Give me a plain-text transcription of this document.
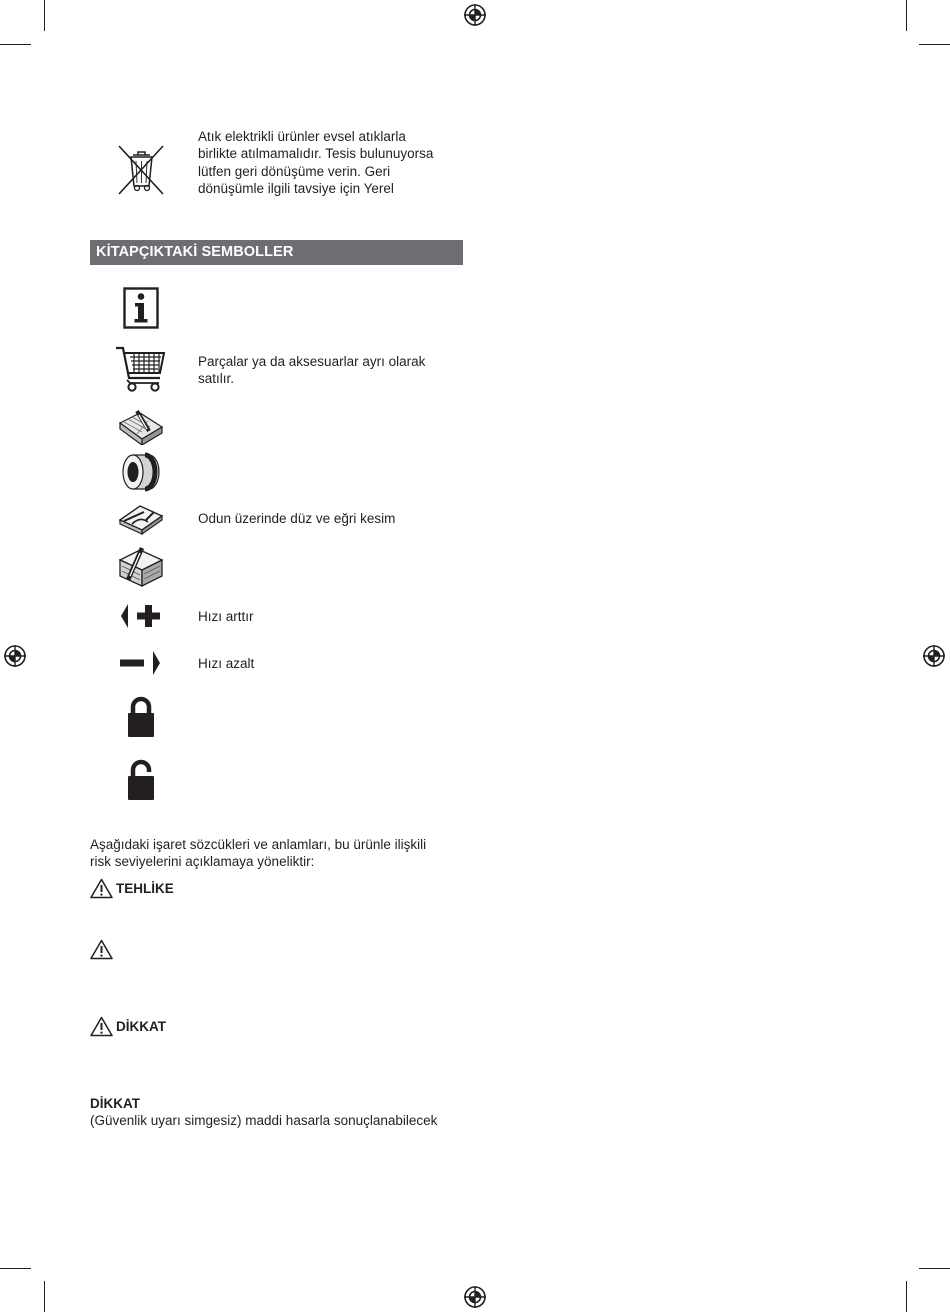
Atık elektrikli ürünler evsel atıklarla
birlikte atılmamalıdır. Tesis bulunuyorsa
lütfen geri dönüşüme verin. Geri
dönüşümle ilgili tavsiye için Yerel
KİTAPÇIKTAKİ SEMBOLLER
Parçalar ya da aksesuarlar ayrı olarak
satılır.
Odun üzerinde düz ve eğri kesim
Hızı arttır
Hızı azalt
Aşağıdaki işaret sözcükleri ve anlamları, bu ürünle ilişkili
risk seviyelerini açıklamaya yöneliktir:
TEHLİKE
DİKKAT
DİKKAT
(Güvenlik uyarı simgesiz) maddi hasarla sonuçlanabilecek
